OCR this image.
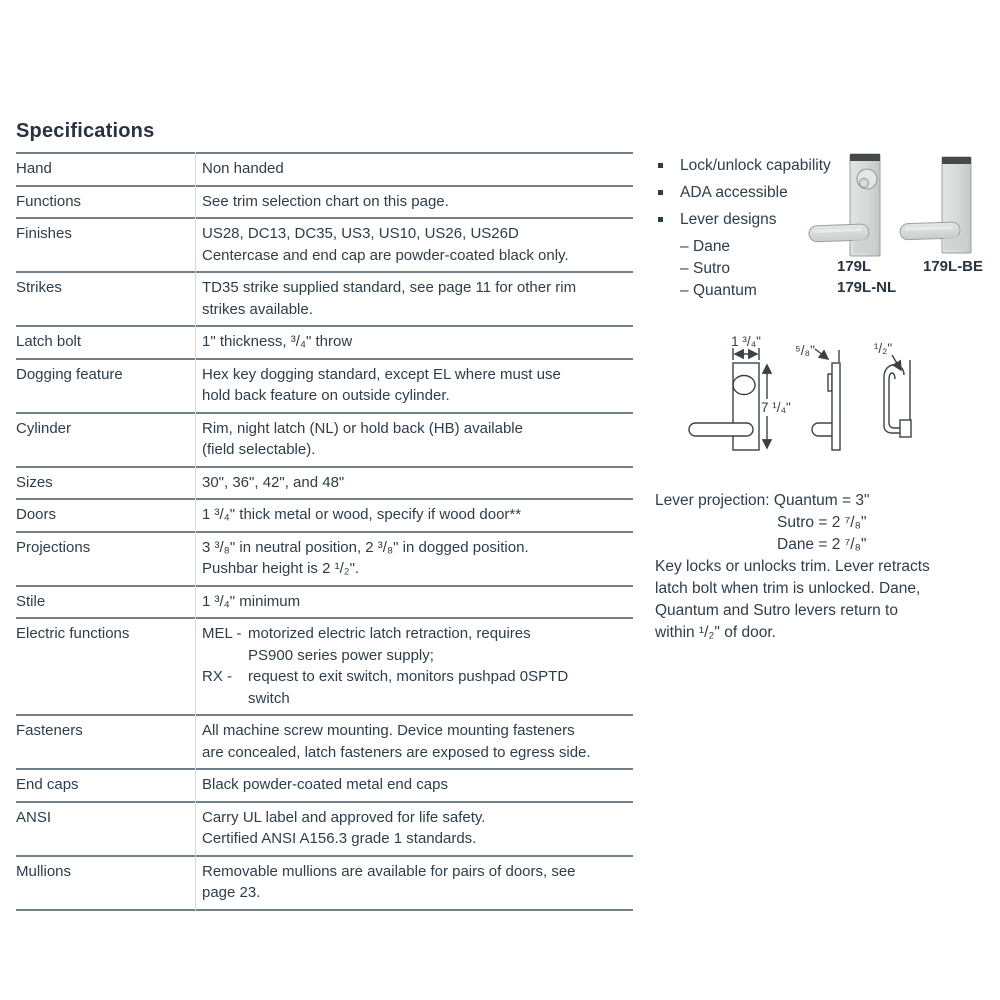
Specifications
Hand	Non handed
Functions	See trim selection chart on this page.
Finishes	US28, DC13, DC35, US3, US10, US26, US26D
Centercase and end cap are powder-coated black only.
Strikes	TD35 strike supplied standard, see page 11 for other rim
strikes available.
Latch bolt	1" thickness, ³/₄" throw
Dogging feature	Hex key dogging standard, except EL where must use
hold back feature on outside cylinder.
Cylinder	Rim, night latch (NL) or hold back (HB) available
(field selectable).
Sizes	30", 36", 42", and 48"
Doors	1 ³/₄" thick metal or wood, specify if wood door**
Projections	3 ³/₈" in neutral position, 2 ³/₈" in dogged position.
Pushbar height is 2 ¹/₂".
Stile	1 ³/₄" minimum
Electric functions	MEL - motorized electric latch retraction, requires
PS900 series power supply;
RX -	request to exit switch, monitors pushpad 0SPTD
switch
Fasteners	All machine screw mounting. Device mounting fasteners
are concealed, latch fasteners are exposed to egress side.
End caps	Black powder-coated metal end caps
ANSI	Carry UL label and approved for life safety.
Certified ANSI A156.3 grade 1 standards.
Mullions	Removable mullions are available for pairs of doors, see
page 23.
Lock/unlock capability
ADA accessible
Lever designs
– Dane
– Sutro
– Quantum
179L
179L-NL
179L-BE
1 ³/₄"
7 ¹/₄"
⁵/₈"	¹/₂"
Lever projection: Quantum = 3"
Sutro = 2 ⁷/₈"
Dane = 2 ⁷/₈"
Key locks or unlocks trim. Lever retracts
latch bolt when trim is unlocked. Dane,
Quantum and Sutro levers return to
within ¹/₂" of door.
